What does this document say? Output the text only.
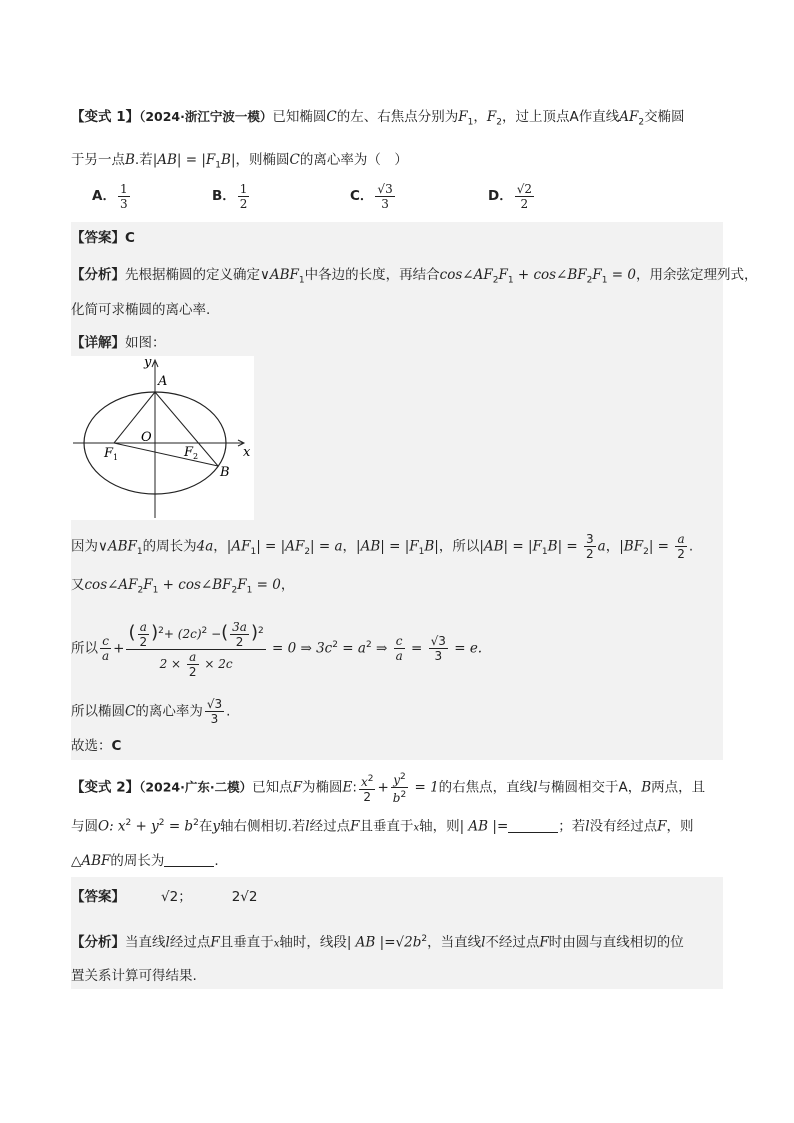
【变式 1】（2024·浙江宁波一模）已知椭圆C的左、右焦点分别为$F_1$，$F_2$，过上顶点A作直线$AF_2$交椭圆
于另一点B.若$|AB| = |F_1B|$，则椭圆C的离心率为（　）
A． $\frac{1}{3}$	B． $\frac{1}{2}$	C． $\frac{√3}{3}$	D． $\frac{√2}{2}$
【答案】C
【分析】先根据椭圆的定义确定$\vee ABF_1$中各边的长度，再结合$\cos\angle AF_2F_1$ + $\cos\angle BF_2F_1 = 0$，用余弦定理列式，
化简可求椭圆的离心率.
【详解】如图：
y
A
O
x
F 1	F 2
B
因为$\vee ABF_1$的周长为4a，$|AF_1| = |AF_2| = a$，$|AB| = |F_1B|$，所以$|AB| = |F_1B| = \frac{3}{2}$ a，$|BF_2| = \frac{a}{2}$ .
又$\cos\angle AF_2F_1$ + $\cos\angle BF_2F_1 = 0$，
所以 $\frac{c}{a} + \frac{( \frac{a}{2} )^2+ (2c)^2 -( \frac{3a}{2} )^2}{2 \times \frac{a}{2} \times 2c} = 0$ ⇒ $3c^2 = a^2$ ⇒ $\frac{c}{a} = \frac{√3}{3} = e$.
所以椭圆C的离心率为 $\frac{√3}{3}$ .
故选：C
【变式 2】（2024·广东·二模）已知点F为椭圆E: $\frac{x^2}{2} + \frac{y^2}{b^2} = 1$的右焦点，直线l与椭圆相交于A，B两点，且
与圆O: $x^2 + y^2 = b^2$在y轴右侧相切.若l经过点F且垂直于x轴，则| AB |=	；若l没有经过点F，则
△ABF的周长为	.
【答案】	√2；	2√2
【分析】当直线l经过点F且垂直于x轴时，线段| AB $|=√2b^2$，当直线l不经过点F时由圆与直线相切的位
置关系计算可得结果.
